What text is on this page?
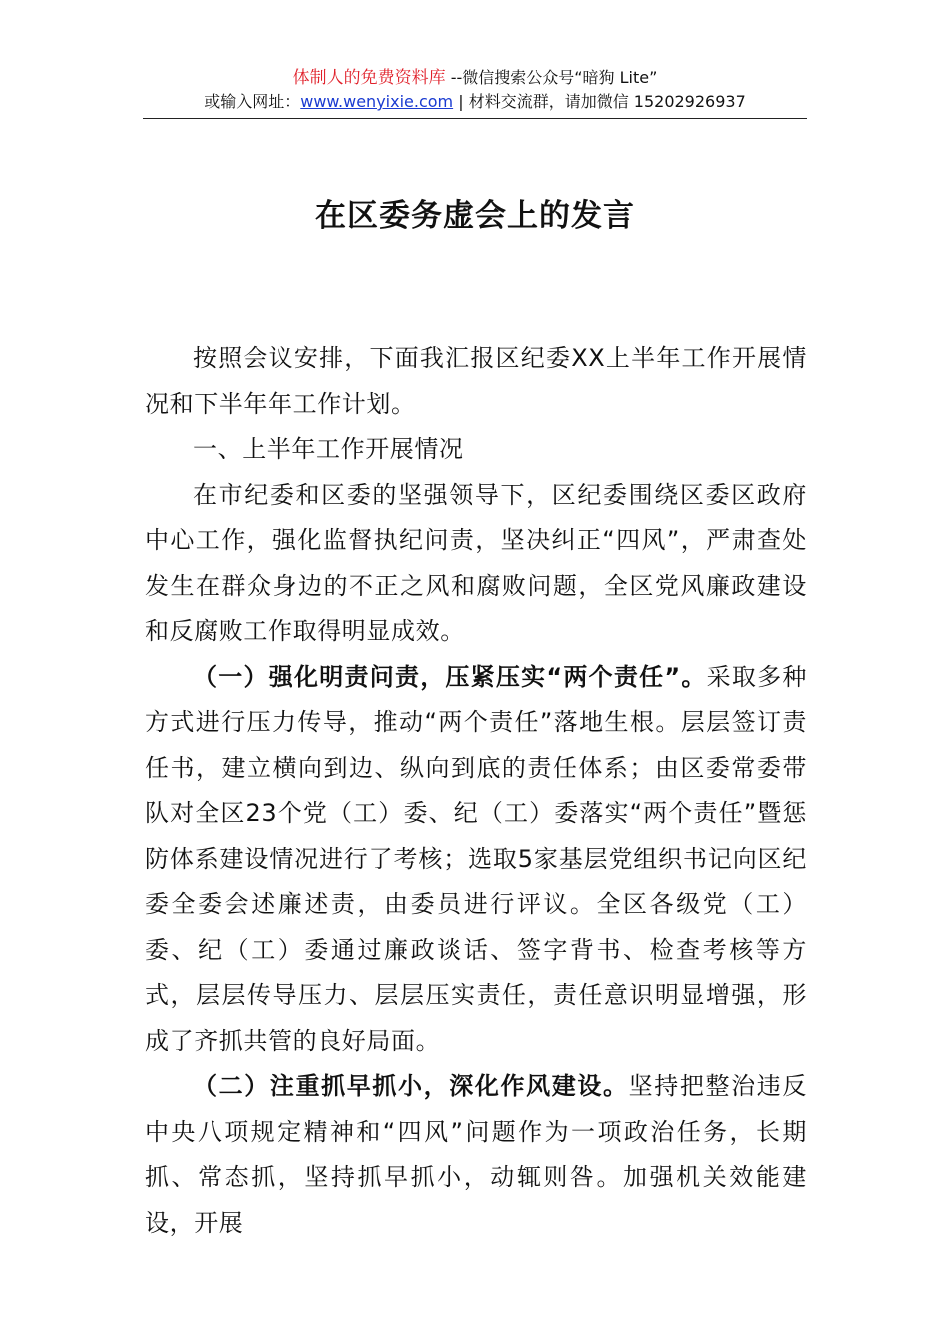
体制人的免费资料库 --微信搜索公众号“暗狗 Lite”
或输入网址：www.wenyixie.com | 材料交流群，请加微信 15202926937
在区委务虚会上的发言

按照会议安排，下面我汇报区纪委XX上半年工作开展情况和下半年年工作计划。

一、上半年工作开展情况

在市纪委和区委的坚强领导下，区纪委围绕区委区政府中心工作，强化监督执纪问责，坚决纠正“四风”，严肃查处发生在群众身边的不正之风和腐败问题，全区党风廉政建设和反腐败工作取得明显成效。

（一）强化明责问责，压紧压实“两个责任”。采取多种方式进行压力传导，推动“两个责任”落地生根。层层签订责任书，建立横向到边、纵向到底的责任体系；由区委常委带队对全区23个党（工）委、纪（工）委落实“两个责任”暨惩防体系建设情况进行了考核；选取5家基层党组织书记向区纪委全委会述廉述责，由委员进行评议。全区各级党（工）委、纪（工）委通过廉政谈话、签字背书、检查考核等方式，层层传导压力、层层压实责任，责任意识明显增强，形成了齐抓共管的良好局面。

（二）注重抓早抓小，深化作风建设。坚持把整治违反中央八项规定精神和“四风”问题作为一项政治任务，长期抓、常态抓，坚持抓早抓小，动辄则咎。加强机关效能建设，开展
